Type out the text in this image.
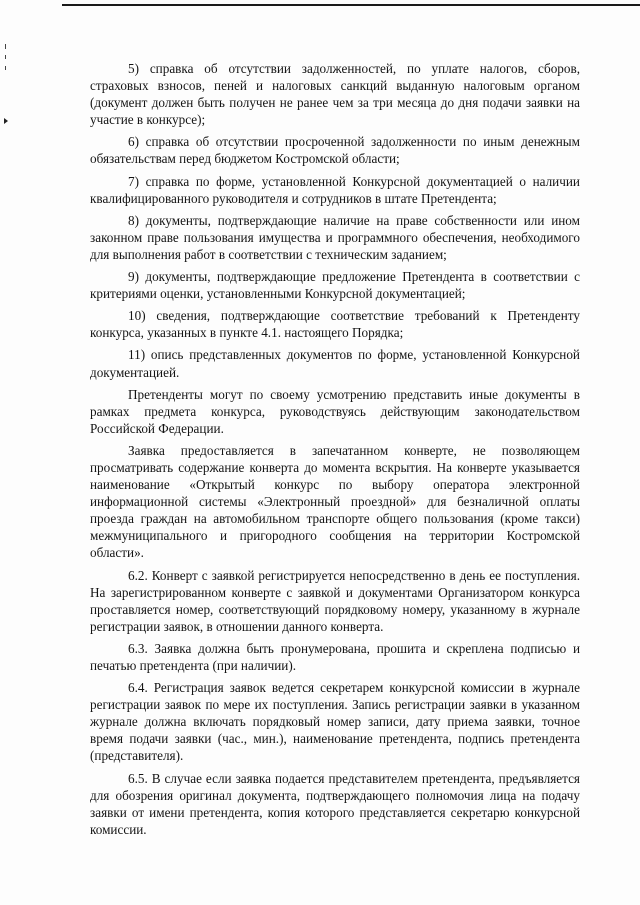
5) справка об отсутствии задолженностей, по уплате налогов, сборов, страховых взносов, пеней и налоговых санкций выданную налоговым органом (документ должен быть получен не ранее чем за три месяца до дня подачи заявки на участие в конкурсе);

6) справка об отсутствии просроченной задолженности по иным денежным обязательствам перед бюджетом Костромской области;

7) справка по форме, установленной Конкурсной документацией о наличии квалифицированного руководителя и сотрудников в штате Претендента;

8) документы, подтверждающие наличие на праве собственности или ином законном праве пользования имущества и программного обеспечения, необходимого для выполнения работ в соответствии с техническим заданием;

9) документы, подтверждающие предложение Претендента в соответствии с критериями оценки, установленными Конкурсной документацией;

10) сведения, подтверждающие соответствие требований к Претенденту конкурса, указанных в пункте 4.1. настоящего Порядка;

11) опись представленных документов по форме, установленной Конкурсной документацией.

Претенденты могут по своему усмотрению представить иные документы в рамках предмета конкурса, руководствуясь действующим законодательством Российской Федерации.

Заявка предоставляется в запечатанном конверте, не позволяющем просматривать содержание конверта до момента вскрытия. На конверте указывается наименование «Открытый конкурс по выбору оператора электронной информационной системы «Электронный проездной» для безналичной оплаты проезда граждан на автомобильном транспорте общего пользования (кроме такси) межмуниципального и пригородного сообщения на территории Костромской области».

6.2. Конверт с заявкой регистрируется непосредственно в день ее поступления. На зарегистрированном конверте с заявкой и документами Организатором конкурса проставляется номер, соответствующий порядковому номеру, указанному в журнале регистрации заявок, в отношении данного конверта.

6.3. Заявка должна быть пронумерована, прошита и скреплена подписью и печатью претендента (при наличии).

6.4. Регистрация заявок ведется секретарем конкурсной комиссии в журнале регистрации заявок по мере их поступления. Запись регистрации заявки в указанном журнале должна включать порядковый номер записи, дату приема заявки, точное время подачи заявки (час., мин.), наименование претендента, подпись претендента (представителя).

6.5. В случае если заявка подается представителем претендента, предъявляется для обозрения оригинал документа, подтверждающего полномочия лица на подачу заявки от имени претендента, копия которого представляется секретарю конкурсной комиссии.
